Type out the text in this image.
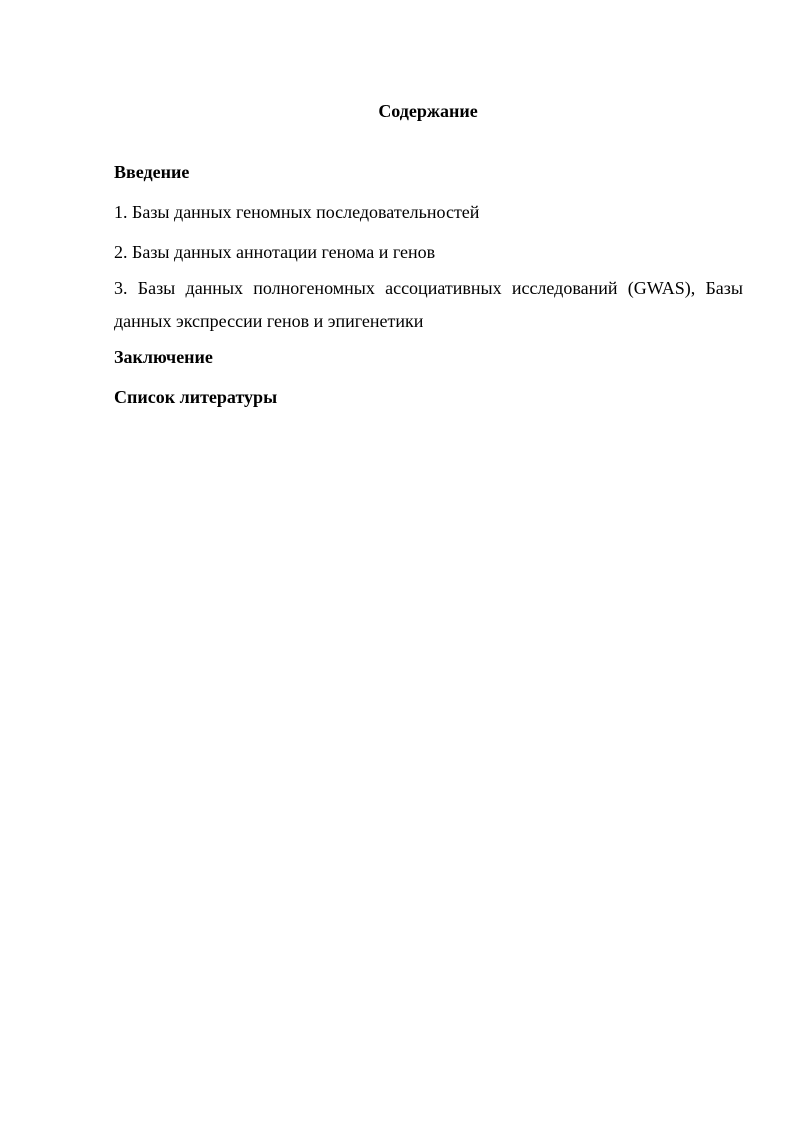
Содержание
Введение
1. Базы данных геномных последовательностей
2. Базы данных аннотации генома и генов
3. Базы данных полногеномных ассоциативных исследований (GWAS), Базы данных экспрессии генов и эпигенетики
Заключение
Список литературы
